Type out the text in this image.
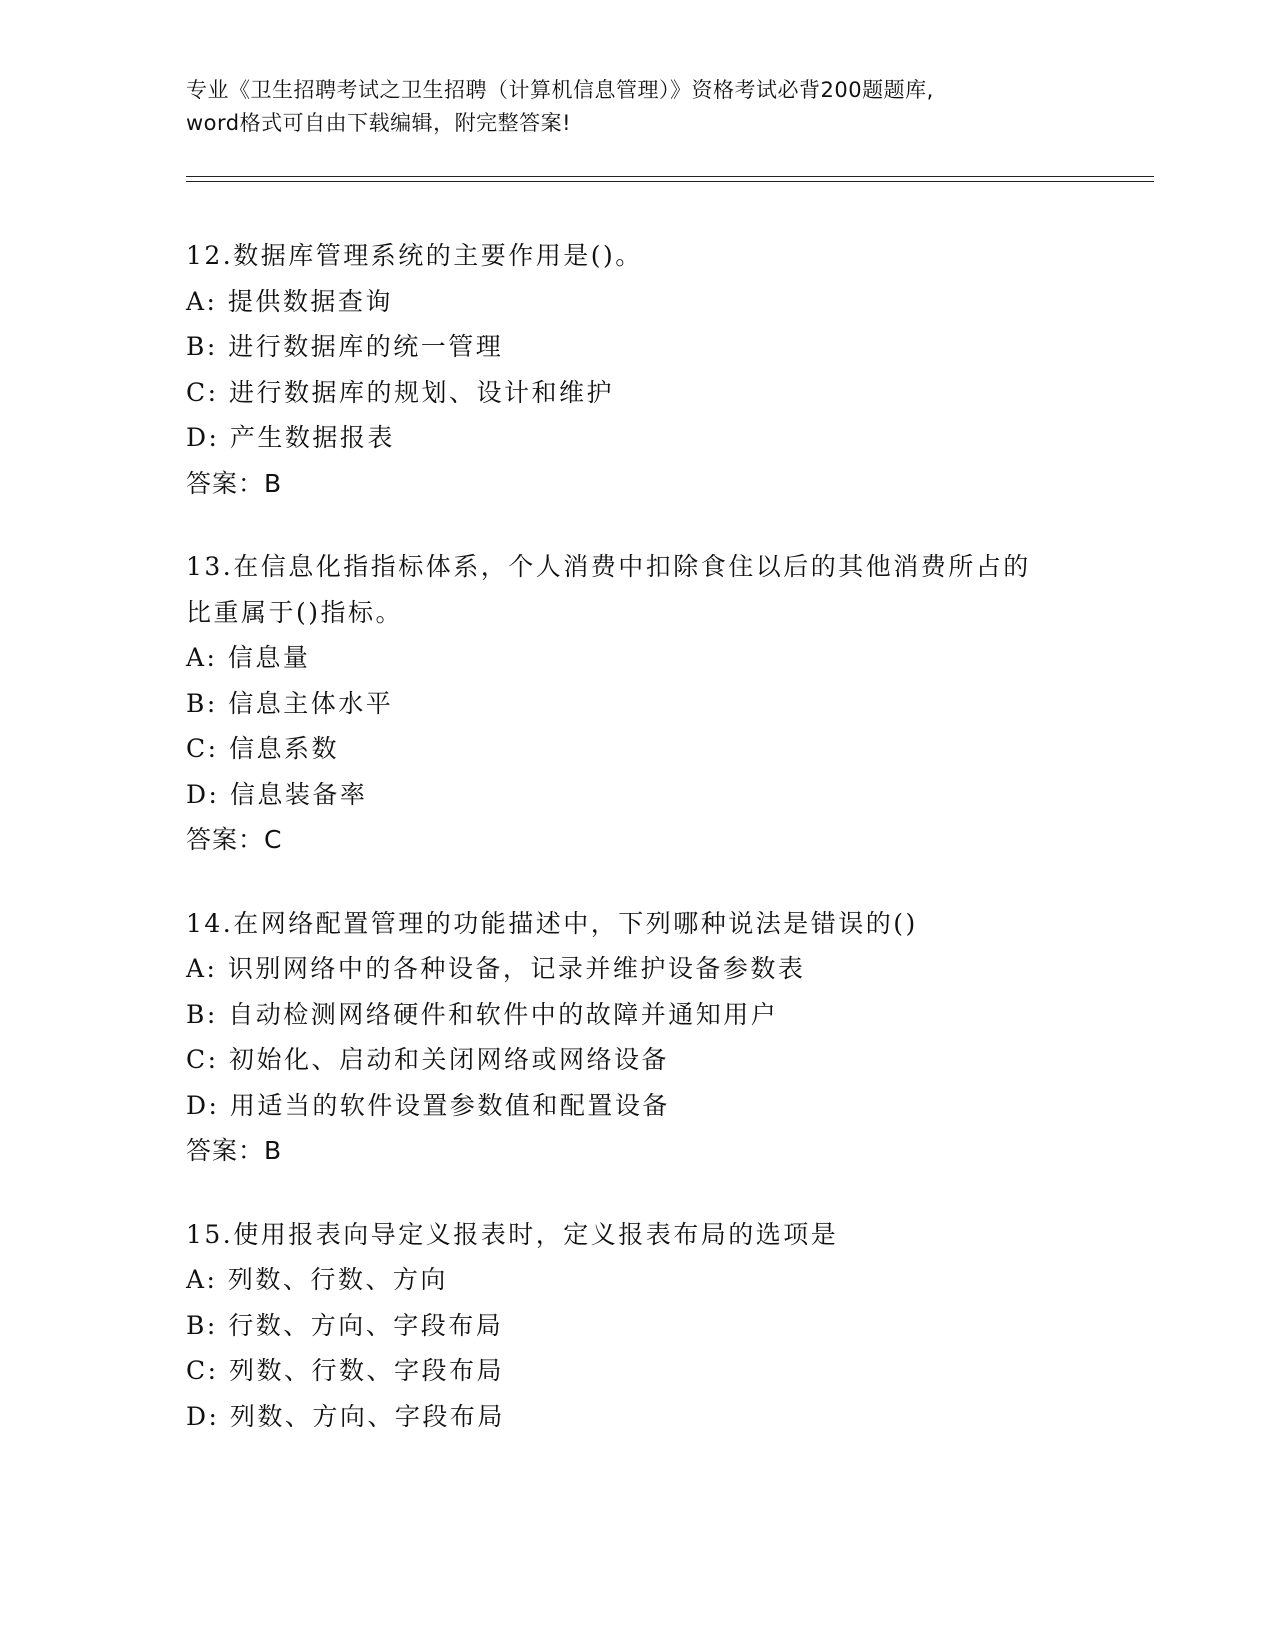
专业《卫生招聘考试之卫生招聘（计算机信息管理）》资格考试必背200题题库,
word格式可自由下载编辑，附完整答案!
12.数据库管理系统的主要作用是()。
A: 提供数据查询
B: 进行数据库的统一管理
C: 进行数据库的规划、设计和维护
D: 产生数据报表
答案：B
13.在信息化指指标体系，个人消费中扣除食住以后的其他消费所占的
比重属于()指标。
A: 信息量
B: 信息主体水平
C: 信息系数
D: 信息装备率
答案：C
14.在网络配置管理的功能描述中，下列哪种说法是错误的()
A: 识别网络中的各种设备，记录并维护设备参数表
B: 自动检测网络硬件和软件中的故障并通知用户
C: 初始化、启动和关闭网络或网络设备
D: 用适当的软件设置参数值和配置设备
答案：B
15.使用报表向导定义报表时，定义报表布局的选项是
A: 列数、行数、方向
B: 行数、方向、字段布局
C: 列数、行数、字段布局
D: 列数、方向、字段布局
